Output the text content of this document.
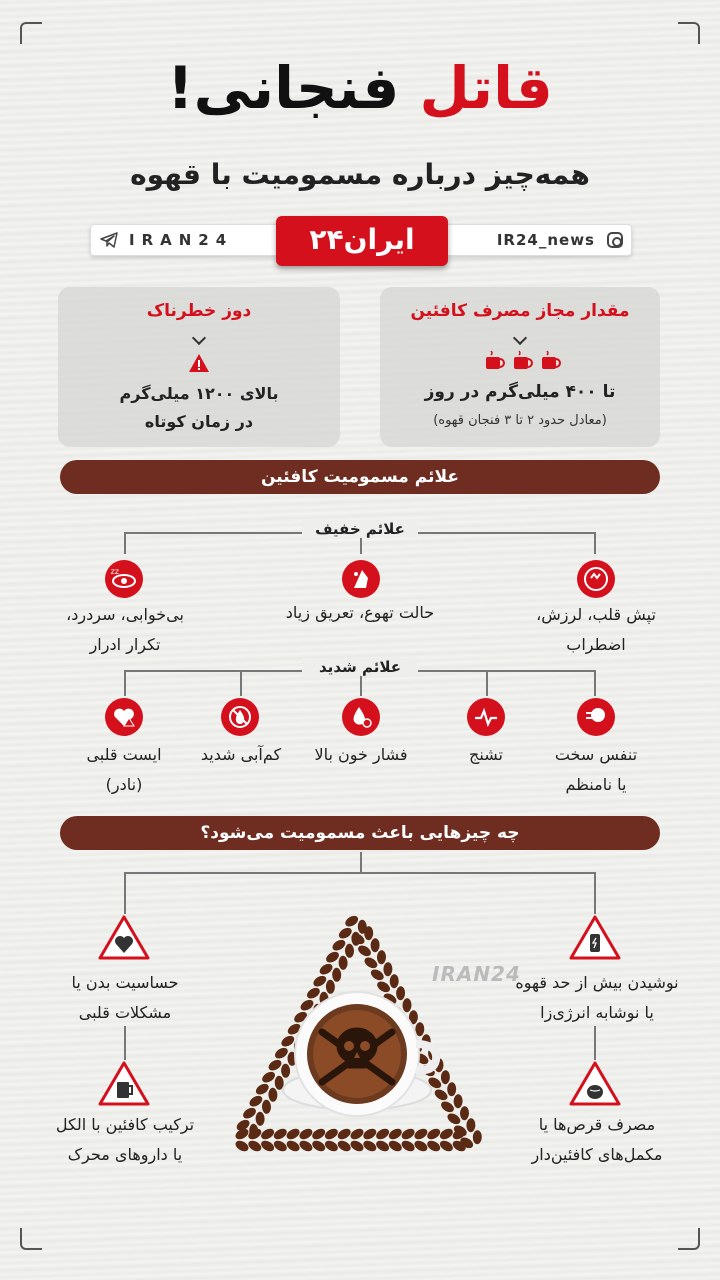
قاتل فنجانی!
همه‌چیز درباره مسمومیت با قهوه
IRAN24	IR24_news
ایران۲۴
مقدار مجاز مصرف کافئین
تا ۴۰۰ میلی‌گرم در روز
(معادل حدود ۲ تا ۳ فنجان قهوه)
دوز خطرناک
بالای ۱۲۰۰ میلی‌گرم
در زمان کوتاه
علائم مسمومیت کافئین
علائم خفیف
تپش قلب، لرزش،
اضطراب
حالت تهوع، تعریق زیاد
zz
بی‌خوابی، سردرد،
تکرار ادرار
علائم شدید
تنفس سخت
یا نامنظم
تشنج
فشار خون بالا
کم‌آبی شدید
ایست قلبی
(نادر)
چه چیزهایی باعث مسمومیت می‌شود؟
نوشیدن بیش از حد قهوه
یا نوشابه انرژی‌زا
مصرف قرص‌ها یا
مکمل‌های کافئین‌دار
حساسیت بدن یا
مشکلات قلبی
ترکیب کافئین با الکل
یا داروهای محرک
IRAN24
